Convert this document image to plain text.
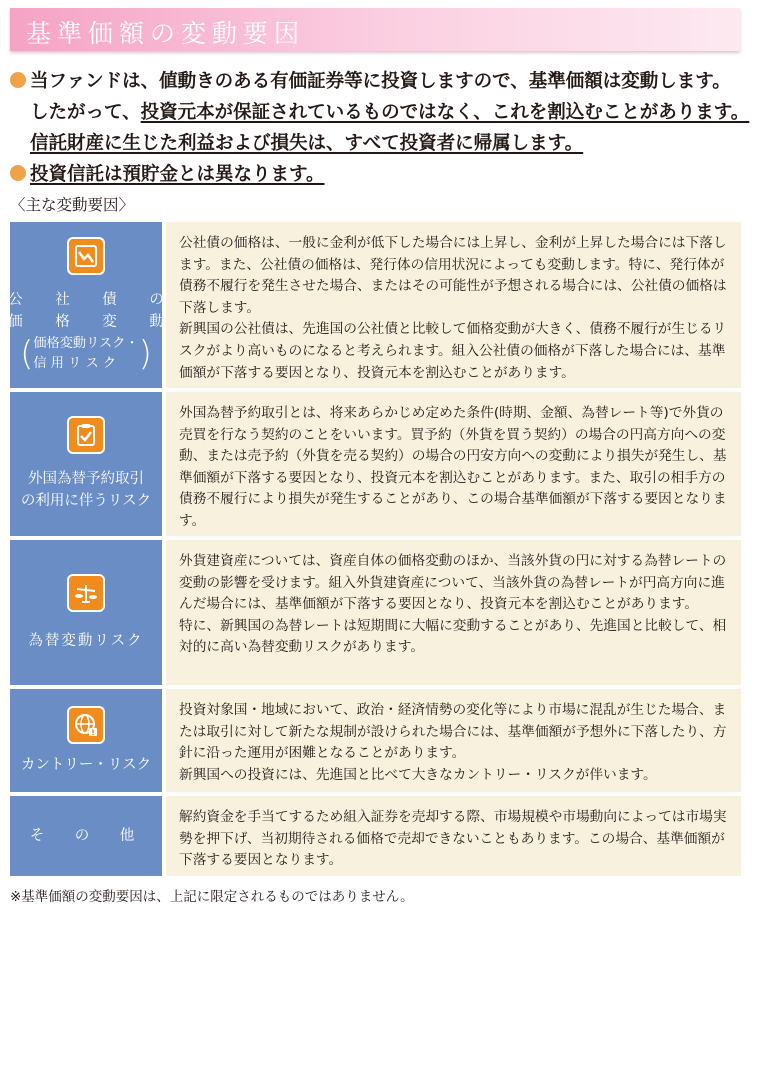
基準価額の変動要因
当ファンドは、値動きのある有価証券等に投資しますので、基準価額は変動します。
したがって、投資元本が保証されているものではなく、これを割込むことがあります。
信託財産に生じた利益および損失は、すべて投資者に帰属します。
投資信託は預貯金とは異なります。
〈主な変動要因〉
公 社 債 の
価 格 変 動
( 価格変動リスク・
信 用 リ ス ク )
公社債の価格は、一般に金利が低下した場合には上昇し、金利が上昇した場合には下落します。また、公社債の価格は、発行体の信用状況によっても変動します。特に、発行体が債務不履行を発生させた場合、またはその可能性が予想される場合には、公社債の価格は下落します。
新興国の公社債は、先進国の公社債と比較して価格変動が大きく、債務不履行が生じるリスクがより高いものになると考えられます。組入公社債の価格が下落した場合には、基準価額が下落する要因となり、投資元本を割込むことがあります。
外国為替予約取引
の利用に伴うリスク
外国為替予約取引とは、将来あらかじめ定めた条件(時期、金額、為替レート等)で外貨の売買を行なう契約のことをいいます。買予約（外貨を買う契約）の場合の円高方向への変動、または売予約（外貨を売る契約）の場合の円安方向への変動により損失が発生し、基準価額が下落する要因となり、投資元本を割込むことがあります。また、取引の相手方の債務不履行により損失が発生することがあり、この場合基準価額が下落する要因となります。
為替変動リスク
外貨建資産については、資産自体の価格変動のほか、当該外貨の円に対する為替レートの変動の影響を受けます。組入外貨建資産について、当該外貨の為替レートが円高方向に進んだ場合には、基準価額が下落する要因となり、投資元本を割込むことがあります。
特に、新興国の為替レートは短期間に大幅に変動することがあり、先進国と比較して、相対的に高い為替変動リスクがあります。
カントリー・リスク
投資対象国・地域において、政治・経済情勢の変化等により市場に混乱が生じた場合、または取引に対して新たな規制が設けられた場合には、基準価額が予想外に下落したり、方針に沿った運用が困難となることがあります。
新興国への投資には、先進国と比べて大きなカントリー・リスクが伴います。
そ　の　他
解約資金を手当てするため組入証券を売却する際、市場規模や市場動向によっては市場実勢を押下げ、当初期待される価格で売却できないこともあります。この場合、基準価額が下落する要因となります。
※基準価額の変動要因は、上記に限定されるものではありません。
